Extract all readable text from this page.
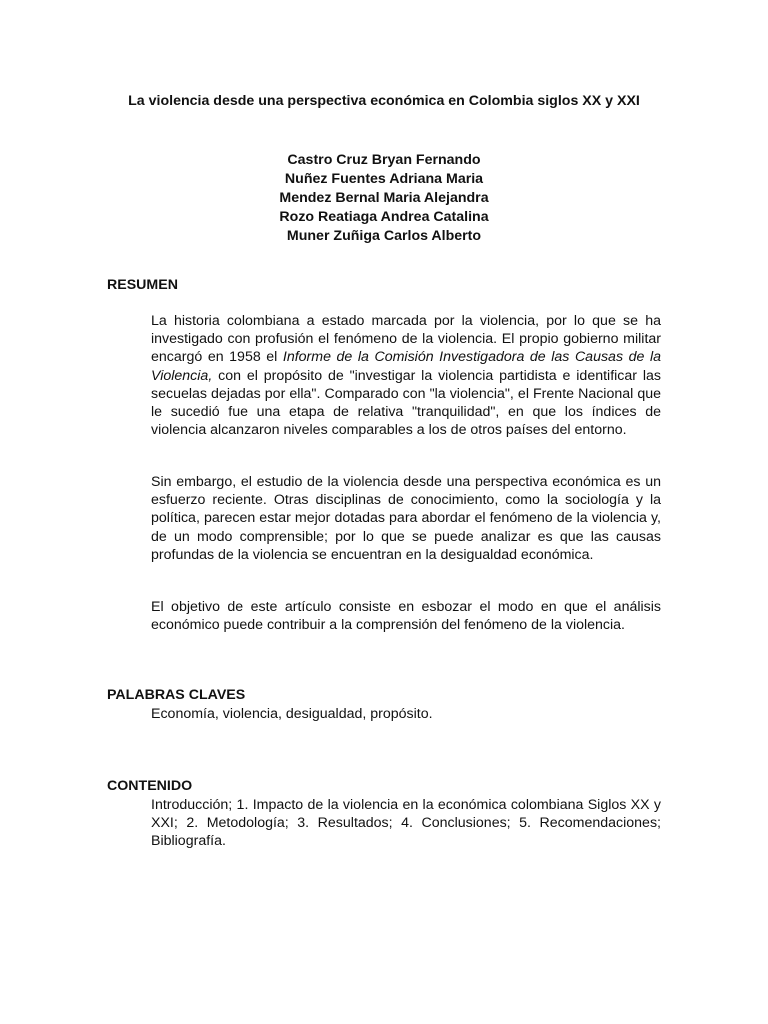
La violencia desde una perspectiva económica en Colombia siglos XX y XXI
Castro Cruz Bryan Fernando
Nuñez Fuentes Adriana Maria
Mendez Bernal Maria Alejandra
Rozo Reatiaga Andrea Catalina
Muner Zuñiga Carlos Alberto
RESUMEN
La historia colombiana a estado marcada por la violencia, por lo que se ha investigado con profusión el fenómeno de la violencia. El propio gobierno militar encargó en 1958 el Informe de la Comisión Investigadora de las Causas de la Violencia, con el propósito de "investigar la violencia partidista e identificar las secuelas dejadas por ella". Comparado con "la violencia", el Frente Nacional que le sucedió fue una etapa de relativa "tranquilidad", en que los índices de violencia alcanzaron niveles comparables a los de otros países del entorno.
Sin embargo, el estudio de la violencia desde una perspectiva económica es un esfuerzo reciente. Otras disciplinas de conocimiento, como la sociología y la política, parecen estar mejor dotadas para abordar el fenómeno de la violencia y, de un modo comprensible; por lo que se puede analizar es que las causas profundas de la violencia se encuentran en la desigualdad económica.
El objetivo de este artículo consiste en esbozar el modo en que el análisis económico puede contribuir a la comprensión del fenómeno de la violencia.
PALABRAS CLAVES
Economía, violencia, desigualdad, propósito.
CONTENIDO
Introducción; 1. Impacto de la violencia en la económica colombiana Siglos XX y XXI; 2. Metodología; 3. Resultados; 4. Conclusiones; 5. Recomendaciones; Bibliografía.
